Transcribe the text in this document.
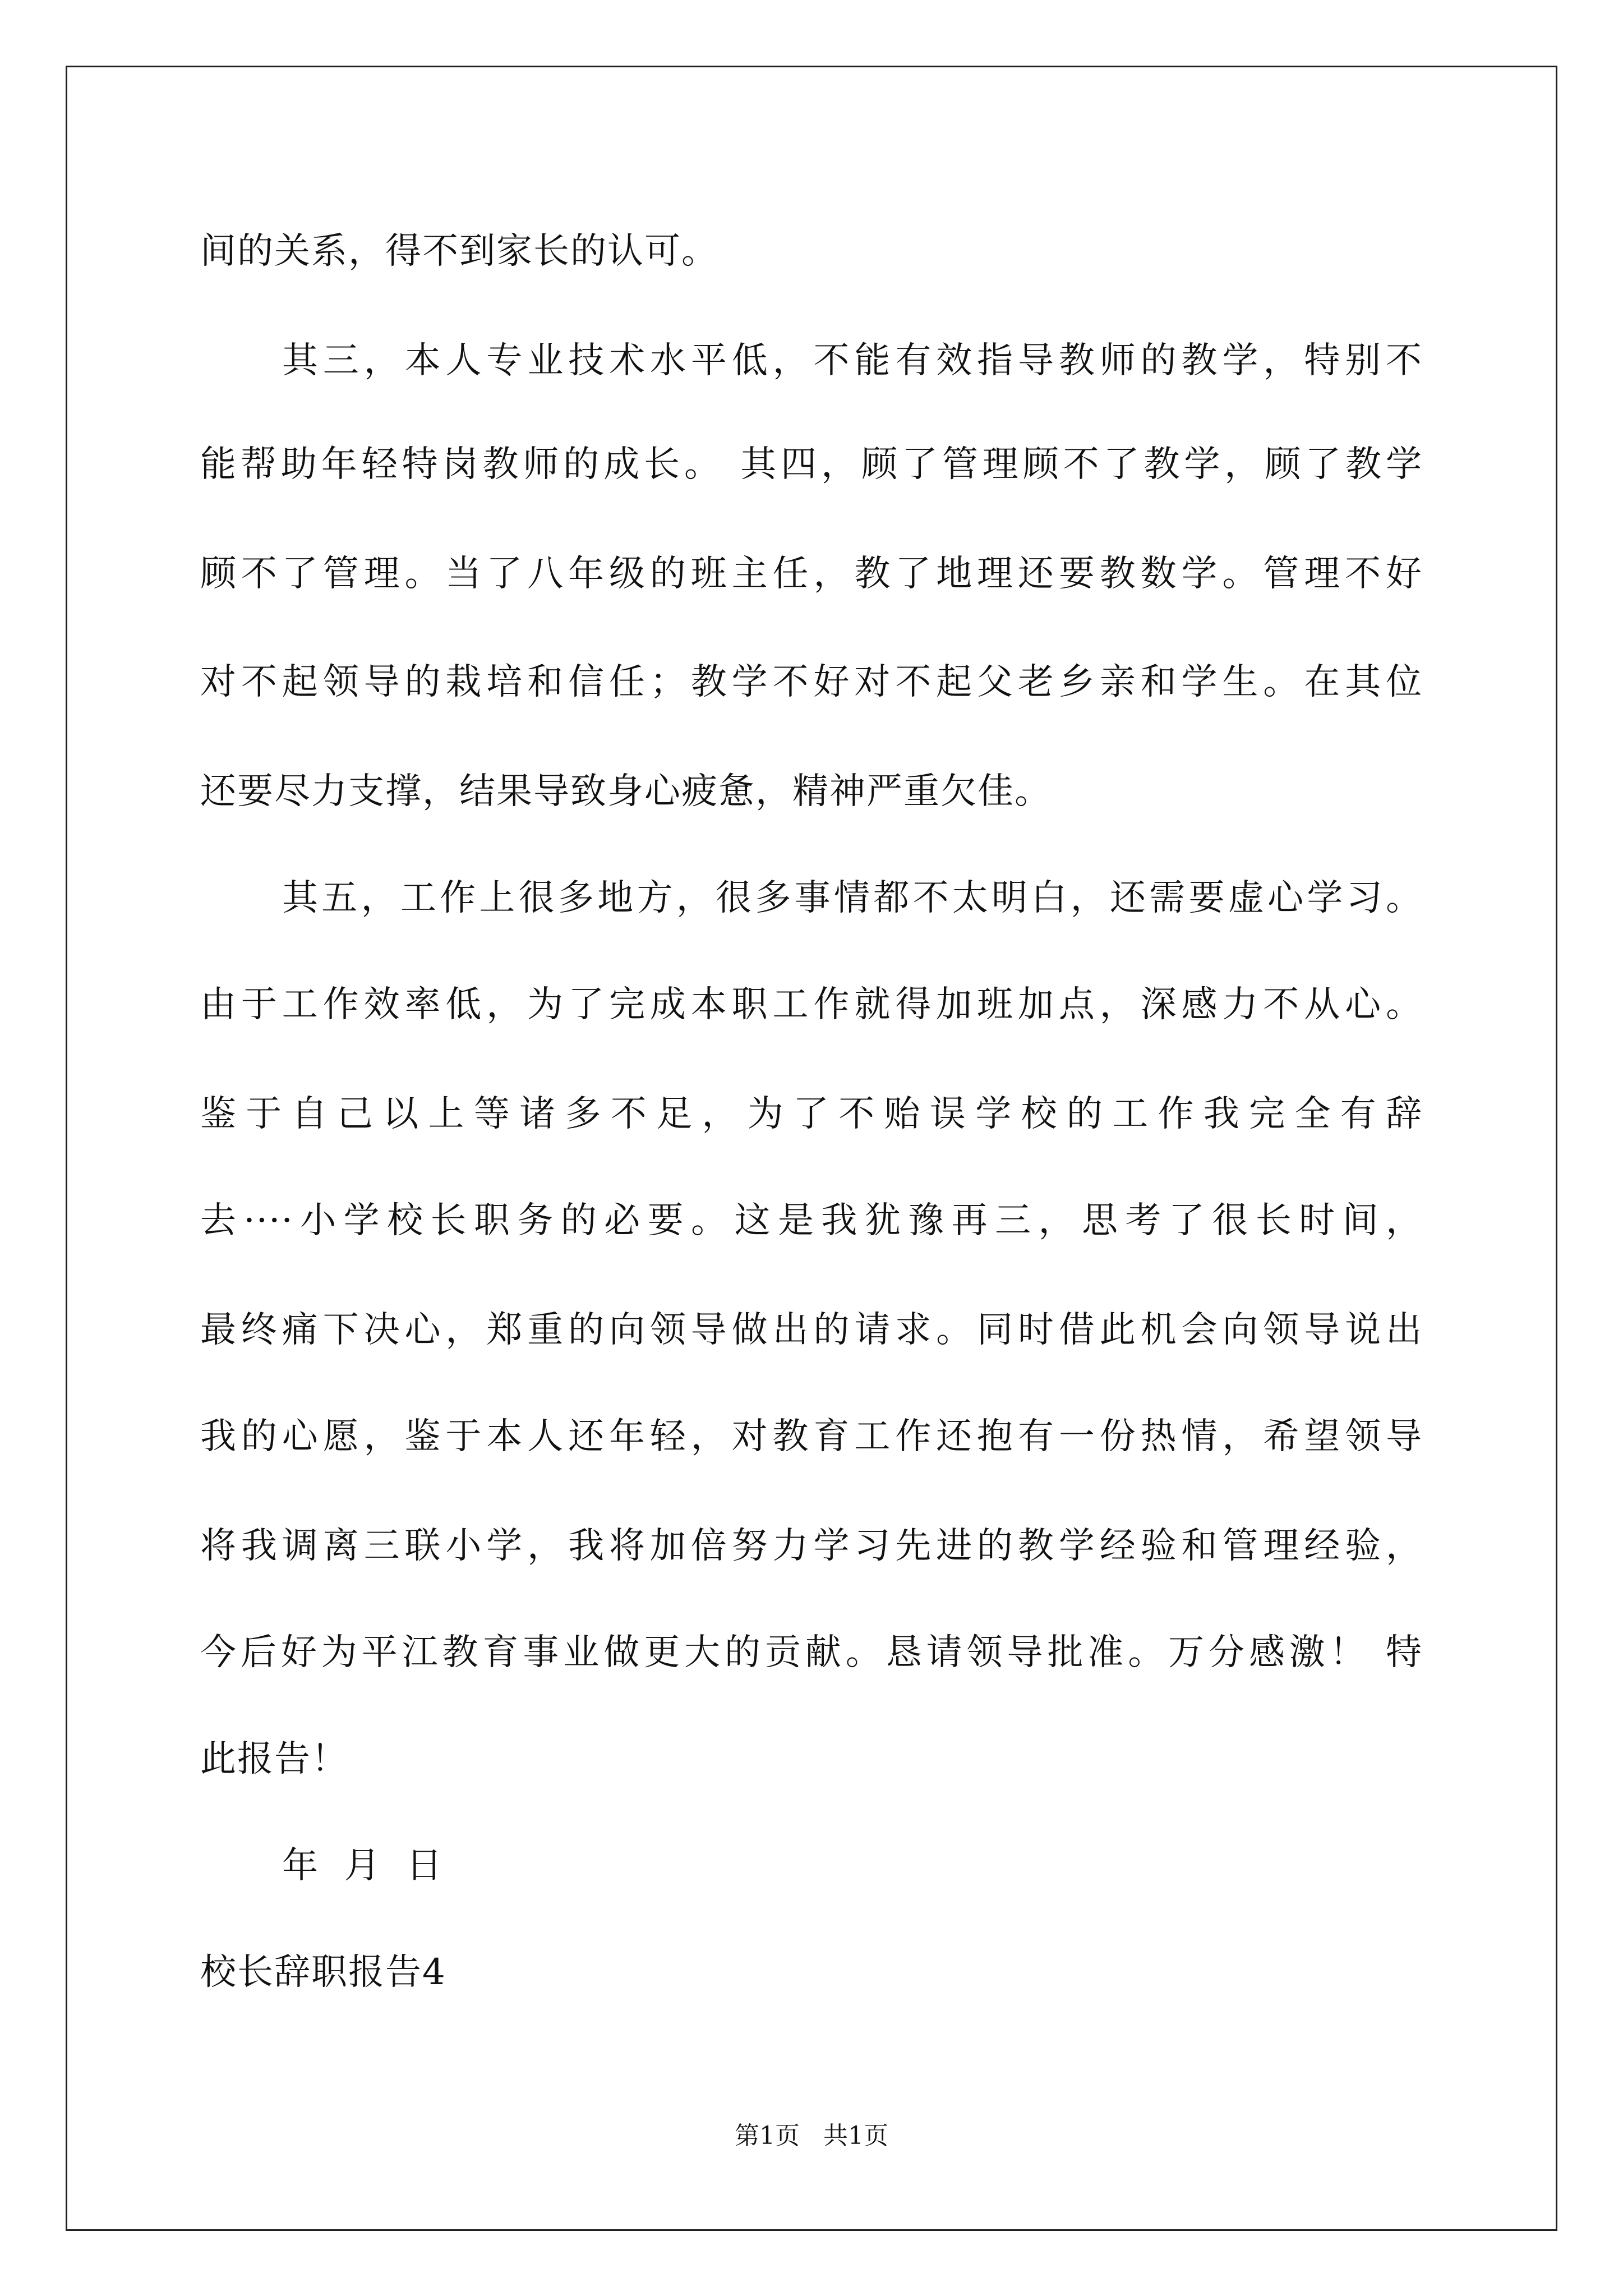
间的关系，得不到家长的认可。
其三，本人专业技术水平低，不能有效指导教师的教学，特别不
能帮助年轻特岗教师的成长。 其四，顾了管理顾不了教学，顾了教学
顾不了管理。当了八年级的班主任，教了地理还要教数学。管理不好
对不起领导的栽培和信任；教学不好对不起父老乡亲和学生。在其位
还要尽力支撑，结果导致身心疲惫，精神严重欠佳。
其五，工作上很多地方，很多事情都不太明白，还需要虚心学习。
由于工作效率低，为了完成本职工作就得加班加点，深感力不从心。
鉴于自己以上等诸多不足，为了不贻误学校的工作我完全有辞
去····小学校长职务的必要。这是我犹豫再三，思考了很长时间，
最终痛下决心，郑重的向领导做出的请求。同时借此机会向领导说出
我的心愿，鉴于本人还年轻，对教育工作还抱有一份热情，希望领导
将我调离三联小学，我将加倍努力学习先进的教学经验和管理经验，
今后好为平江教育事业做更大的贡献。恳请领导批准。万分感激！ 特
此报告！
年  月  日
校长辞职报告4
第1页   共1页
